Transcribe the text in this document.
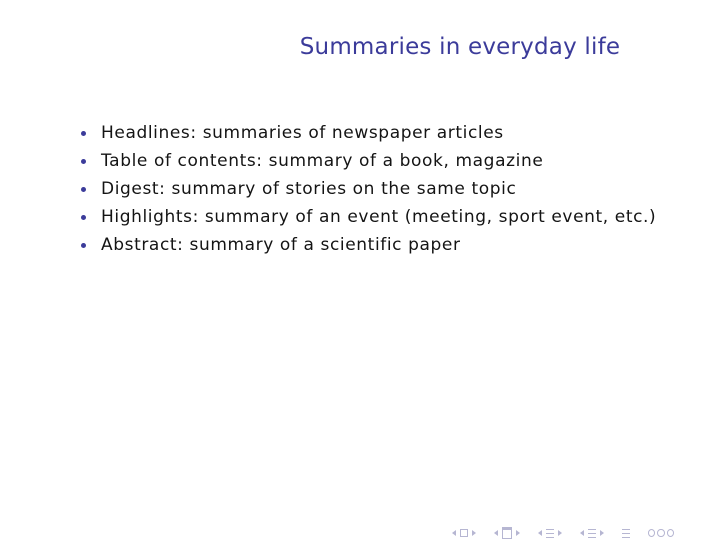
Summaries in everyday life
Headlines: summaries of newspaper articles
Table of contents: summary of a book, magazine
Digest: summary of stories on the same topic
Highlights: summary of an event (meeting, sport event, etc.)
Abstract: summary of a scientific paper
